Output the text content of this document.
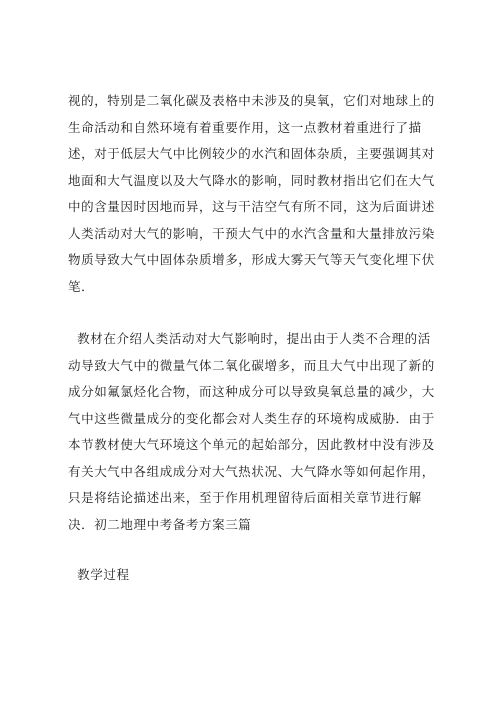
视的，特别是二氧化碳及表格中未涉及的臭氧，它们对地球上的
生命活动和自然环境有着重要作用，这一点教材着重进行了描
述，对于低层大气中比例较少的水汽和固体杂质，主要强调其对
地面和大气温度以及大气降水的影响，同时教材指出它们在大气
中的含量因时因地而异，这与干洁空气有所不同，这为后面讲述
人类活动对大气的影响，干预大气中的水汽含量和大量排放污染
物质导致大气中固体杂质增多，形成大雾天气等天气变化埋下伏
笔．

教材在介绍人类活动对大气影响时，提出由于人类不合理的活
动导致大气中的微量气体二氧化碳增多，而且大气中出现了新的
成分如氟氯烃化合物，而这种成分可以导致臭氧总量的减少，大
气中这些微量成分的变化都会对人类生存的环境构成威胁．由于
本节教材使大气环境这个单元的起始部分，因此教材中没有涉及
有关大气中各组成成分对大气热状况、大气降水等如何起作用，
只是将结论描述出来，至于作用机理留待后面相关章节进行解
决．初二地理中考备考方案三篇

教学过程
